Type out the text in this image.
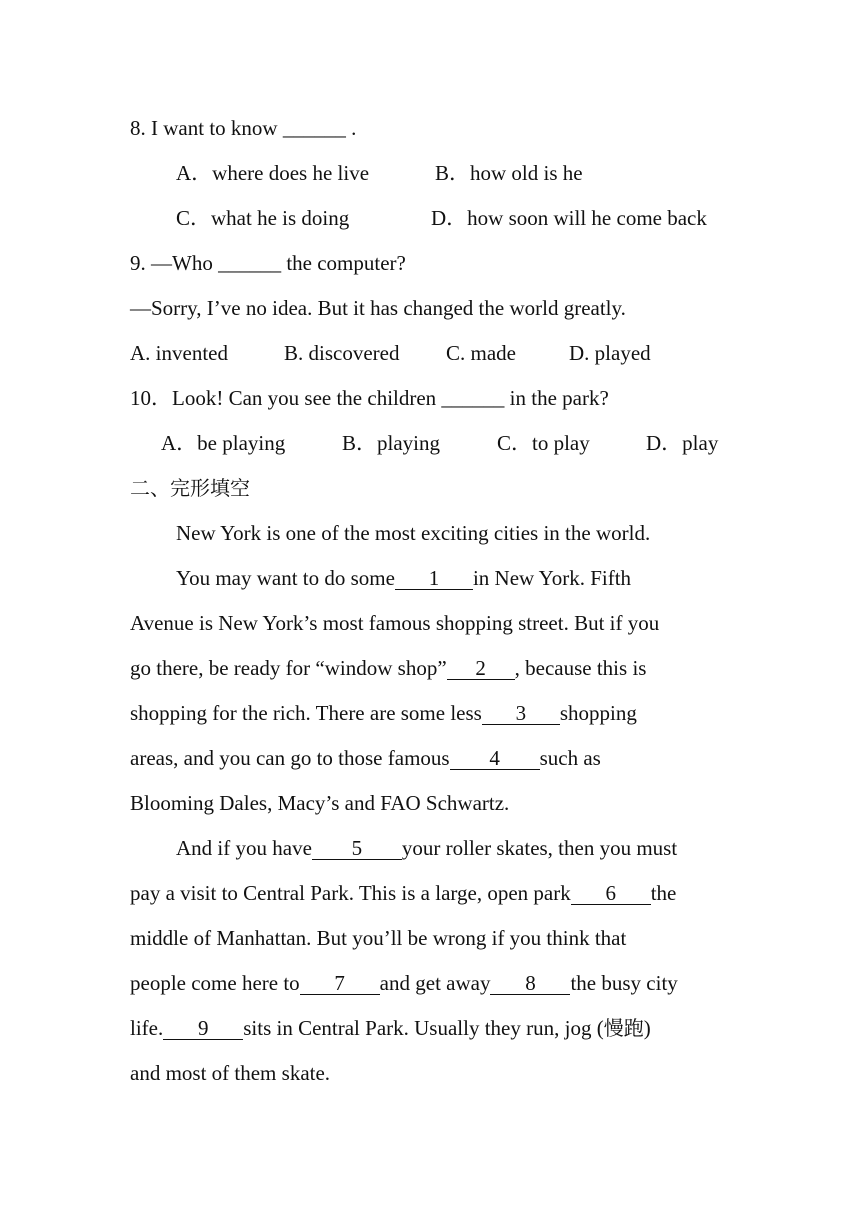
8. I want to know ______ .
A．where does he live	B．how old is he
C．what he is doing	D．how soon will he come back
9. —Who ______ the computer?
—Sorry, I’ve no idea. But it has changed the world greatly.
A. invented	B. discovered C. made	D. played
10．Look! Can you see the children ______ in the park?
A．be playing	B．playing	C．to play	D．play
二、完形填空
New York is one of the most exciting cities in the world.
You may want to do some 1 in New York. Fifth
Avenue is New York’s most famous shopping street. But if you
go there, be ready for “window shop” 2 , because this is
shopping for the rich. There are some less 3 shopping
areas, and you can go to those famous 4 such as
Blooming Dales, Macy’s and FAO Schwartz.
And if you have 5 your roller skates, then you must
pay a visit to Central Park. This is a large, open park 6 the
middle of Manhattan. But you’ll be wrong if you think that
people come here to 7 and get away 8 the busy city
life. 9 sits in Central Park. Usually they run, jog (慢跑)
and most of them skate.
